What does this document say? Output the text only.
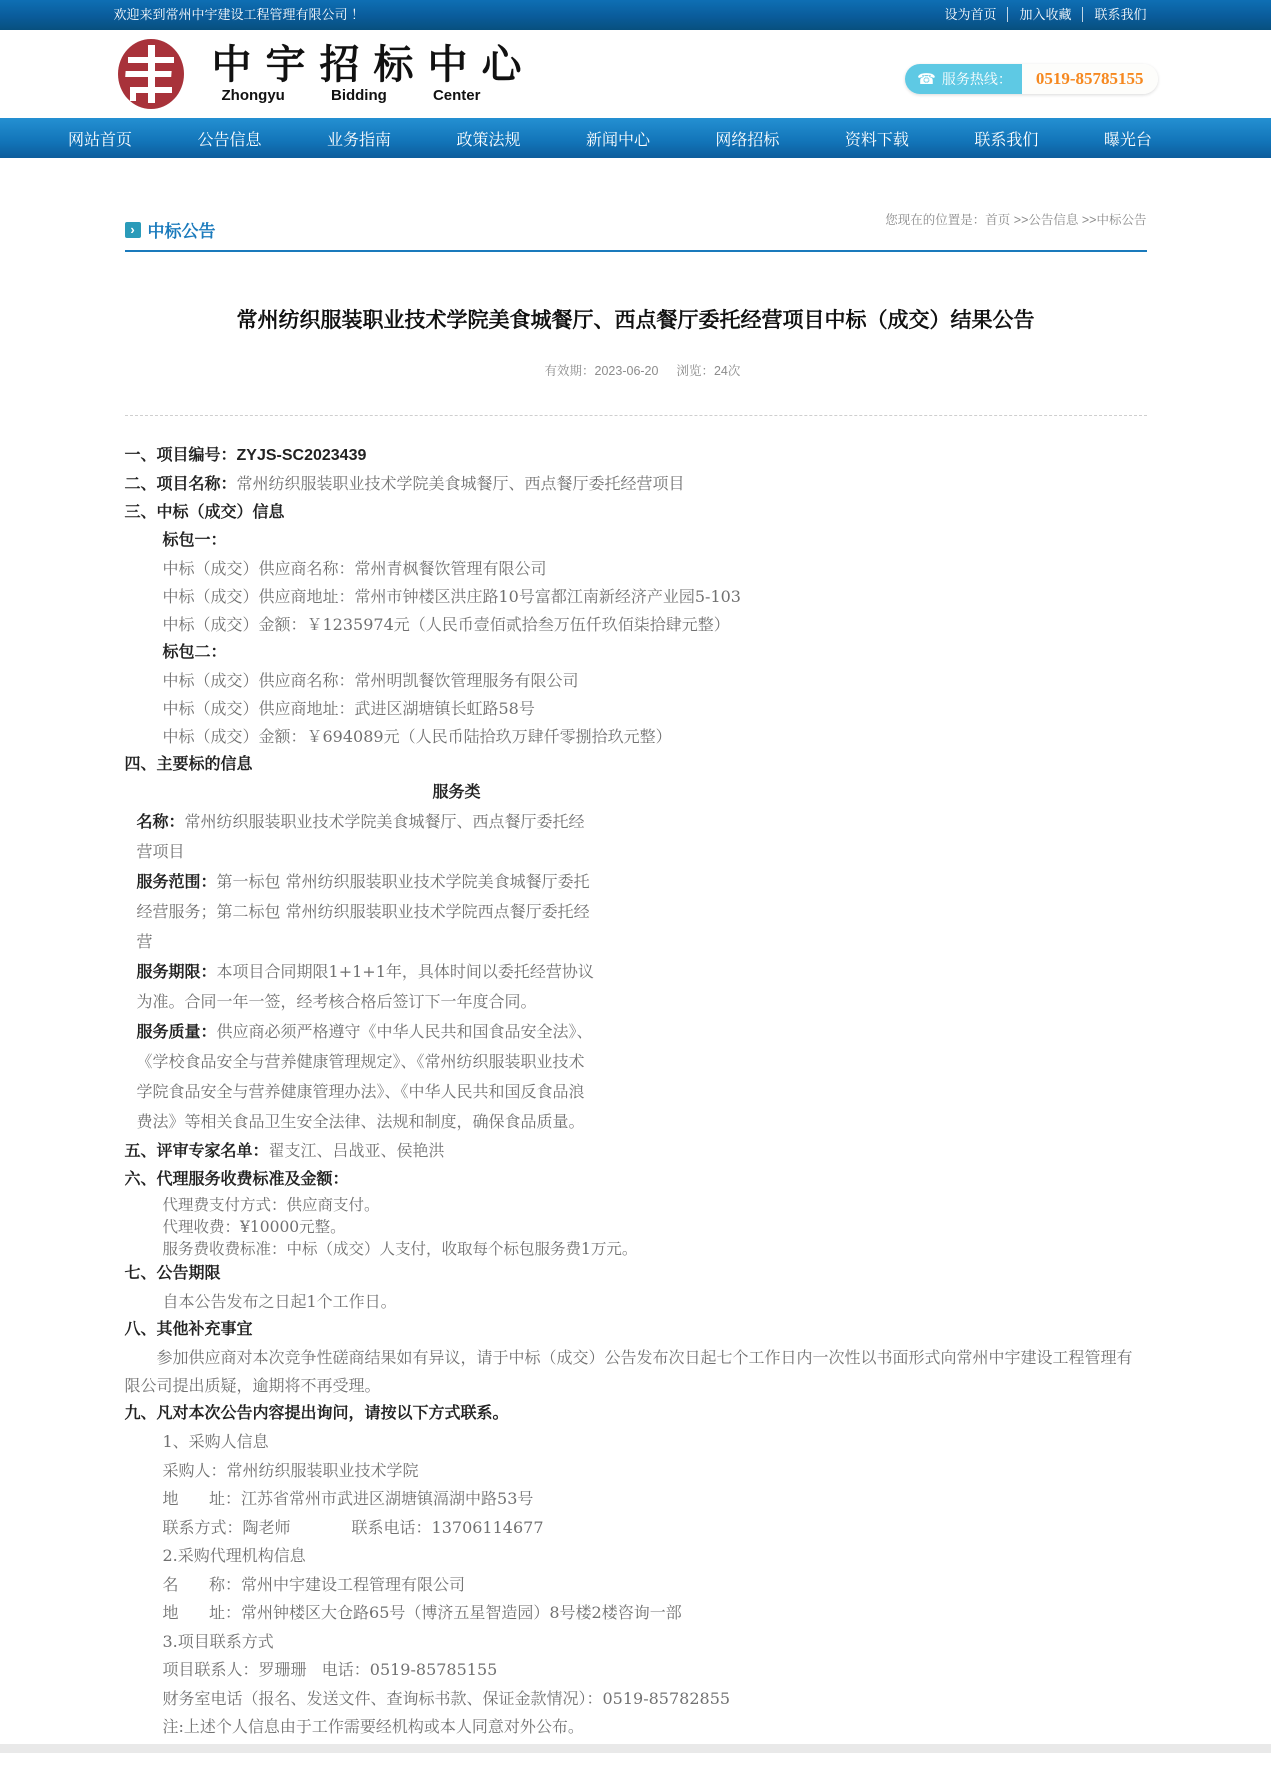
欢迎来到常州中宇建设工程管理有限公司 ！	设为首页 加入收藏 联系我们
中宇招标中心
Zhongyu Bidding Center
☎ 服务热线：	0519-85785155
网站首页	公告信息	业务指南	政策法规	新闻中心	网络招标	资料下载	联系我们	曝光台
› 中标公告

您现在的位置是：首页 >>公告信息 >>中标公告

常州纺织服装职业技术学院美食城餐厅、西点餐厅委托经营项目中标（成交）结果公告

有效期：2023-06-20 浏览：24次

一、项目编号：ZYJS-SC2023439

二、项目名称：常州纺织服装职业技术学院美食城餐厅、西点餐厅委托经营项目

三、中标（成交）信息

标包一：

中标（成交）供应商名称：常州青枫餐饮管理有限公司

中标（成交）供应商地址：常州市钟楼区洪庄路10号富都江南新经济产业园5-103

中标（成交）金额：￥1235974元（人民币壹佰贰拾叁万伍仟玖佰柒拾肆元整）

标包二：

中标（成交）供应商名称：常州明凯餐饮管理服务有限公司

中标（成交）供应商地址：武进区湖塘镇长虹路58号

中标（成交）金额：￥694089元（人民币陆拾玖万肆仟零捌拾玖元整）

四、主要标的信息

服务类

名称：常州纺织服装职业技术学院美食城餐厅、西点餐厅委托经营项目

服务范围：第一标包 常州纺织服装职业技术学院美食城餐厅委托经营服务；第二标包 常州纺织服装职业技术学院西点餐厅委托经营

服务期限：本项目合同期限1+1+1年，具体时间以委托经营协议为准。合同一年一签，经考核合格后签订下一年度合同。

服务质量：供应商必须严格遵守《中华人民共和国食品安全法》、《学校食品安全与营养健康管理规定》、《常州纺织服装职业技术学院食品安全与营养健康管理办法》、《中华人民共和国反食品浪费法》等相关食品卫生安全法律、法规和制度，确保食品质量。

五、评审专家名单：翟支江、吕战亚、侯艳洪

六、代理服务收费标准及金额：

代理费支付方式：供应商支付。

代理收费：¥10000元整。

服务费收费标准：中标（成交）人支付，收取每个标包服务费1万元。

七、公告期限

自本公告发布之日起1个工作日。

八、其他补充事宜

参加供应商对本次竞争性磋商结果如有异议，请于中标（成交）公告发布次日起七个工作日内一次性以书面形式向常州中宇建设工程管理有限公司提出质疑，逾期将不再受理。

九、凡对本次公告内容提出询问，请按以下方式联系。

1、采购人信息

采购人：常州纺织服装职业技术学院

地      址：江苏省常州市武进区湖塘镇滆湖中路53号

联系方式：陶老师            联系电话：13706114677

2.采购代理机构信息

名      称：常州中宇建设工程管理有限公司

地      址：常州钟楼区大仓路65号（博济五星智造园）8号楼2楼咨询一部

3.项目联系方式

项目联系人：罗珊珊   电话：0519-85785155

财务室电话（报名、发送文件、查询标书款、保证金款情况）：0519-85782855

注:上述个人信息由于工作需要经机构或本人同意对外公布。
